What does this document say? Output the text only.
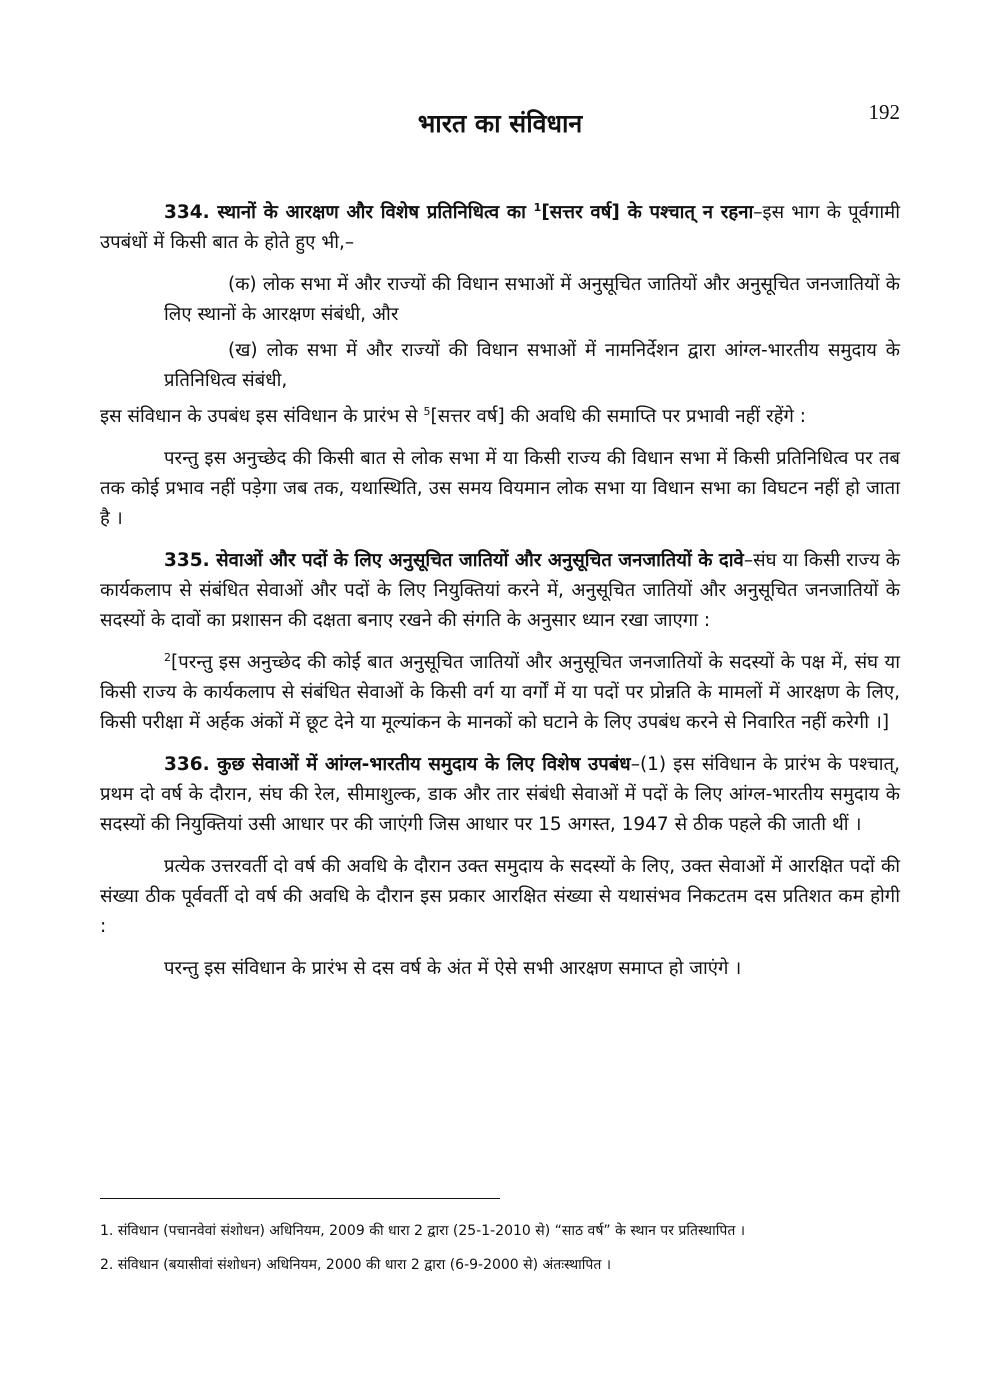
भारत का संविधान	192

334. स्थानों के आरक्षण और विशेष प्रतिनिधित्व का $^1$[सत्तर वर्ष] के पश्चात् न रहना–इस भाग के पूर्वगामी उपबंधों में किसी बात के होते हुए भी,–

(क) लोक सभा में और राज्यों की विधान सभाओं में अनुसूचित जातियों और अनुसूचित जनजातियों के लिए स्थानों के आरक्षण संबंधी, और

(ख) लोक सभा में और राज्यों की विधान सभाओं में नामनिर्देशन द्वारा आंग्ल-भारतीय समुदाय के प्रतिनिधित्व संबंधी,

इस संविधान के उपबंध इस संविधान के प्रारंभ से $^5$[सत्तर वर्ष] की अवधि की समाप्ति पर प्रभावी नहीं रहेंगे :

परन्तु इस अनुच्छेद की किसी बात से लोक सभा में या किसी राज्य की विधान सभा में किसी प्रतिनिधित्व पर तब तक कोई प्रभाव नहीं पड़ेगा जब तक, यथास्थिति, उस समय वियमान लोक सभा या विधान सभा का विघटन नहीं हो जाता है ।

335. सेवाओं और पदों के लिए अनुसूचित जातियों और अनुसूचित जनजातियों के दावे–संघ या किसी राज्य के कार्यकलाप से संबंधित सेवाओं और पदों के लिए नियुक्तियां करने में, अनुसूचित जातियों और अनुसूचित जनजातियों के सदस्यों के दावों का प्रशासन की दक्षता बनाए रखने की संगति के अनुसार ध्यान रखा जाएगा :

$^2$[परन्तु इस अनुच्छेद की कोई बात अनुसूचित जातियों और अनुसूचित जनजातियों के सदस्यों के पक्ष में, संघ या किसी राज्य के कार्यकलाप से संबंधित सेवाओं के किसी वर्ग या वर्गों में या पदों पर प्रोन्नति के मामलों में आरक्षण के लिए, किसी परीक्षा में अर्हक अंकों में छूट देने या मूल्यांकन के मानकों को घटाने के लिए उपबंध करने से निवारित नहीं करेगी ।]

336. कुछ सेवाओं में आंग्ल-भारतीय समुदाय के लिए विशेष उपबंध–(1) इस संविधान के प्रारंभ के पश्चात्, प्रथम दो वर्ष के दौरान, संघ की रेल, सीमाशुल्क, डाक और तार संबंधी सेवाओं में पदों के लिए आंग्ल-भारतीय समुदाय के सदस्यों की नियुक्तियां उसी आधार पर की जाएंगी जिस आधार पर 15 अगस्त, 1947 से ठीक पहले की जाती थीं ।

प्रत्येक उत्तरवर्ती दो वर्ष की अवधि के दौरान उक्त समुदाय के सदस्यों के लिए, उक्त सेवाओं में आरक्षित पदों की संख्या ठीक पूर्ववर्ती दो वर्ष की अवधि के दौरान इस प्रकार आरक्षित संख्या से यथासंभव निकटतम दस प्रतिशत कम होगी :

परन्तु इस संविधान के प्रारंभ से दस वर्ष के अंत में ऐसे सभी आरक्षण समाप्त हो जाएंगे ।

1. संविधान (पचानवेवां संशोधन) अधिनियम, 2009 की धारा 2 द्वारा (25-1-2010 से) “साठ वर्ष” के स्थान पर प्रतिस्थापित ।

2. संविधान (बयासीवां संशोधन) अधिनियम, 2000 की धारा 2 द्वारा (6-9-2000 से) अंतःस्थापित ।
